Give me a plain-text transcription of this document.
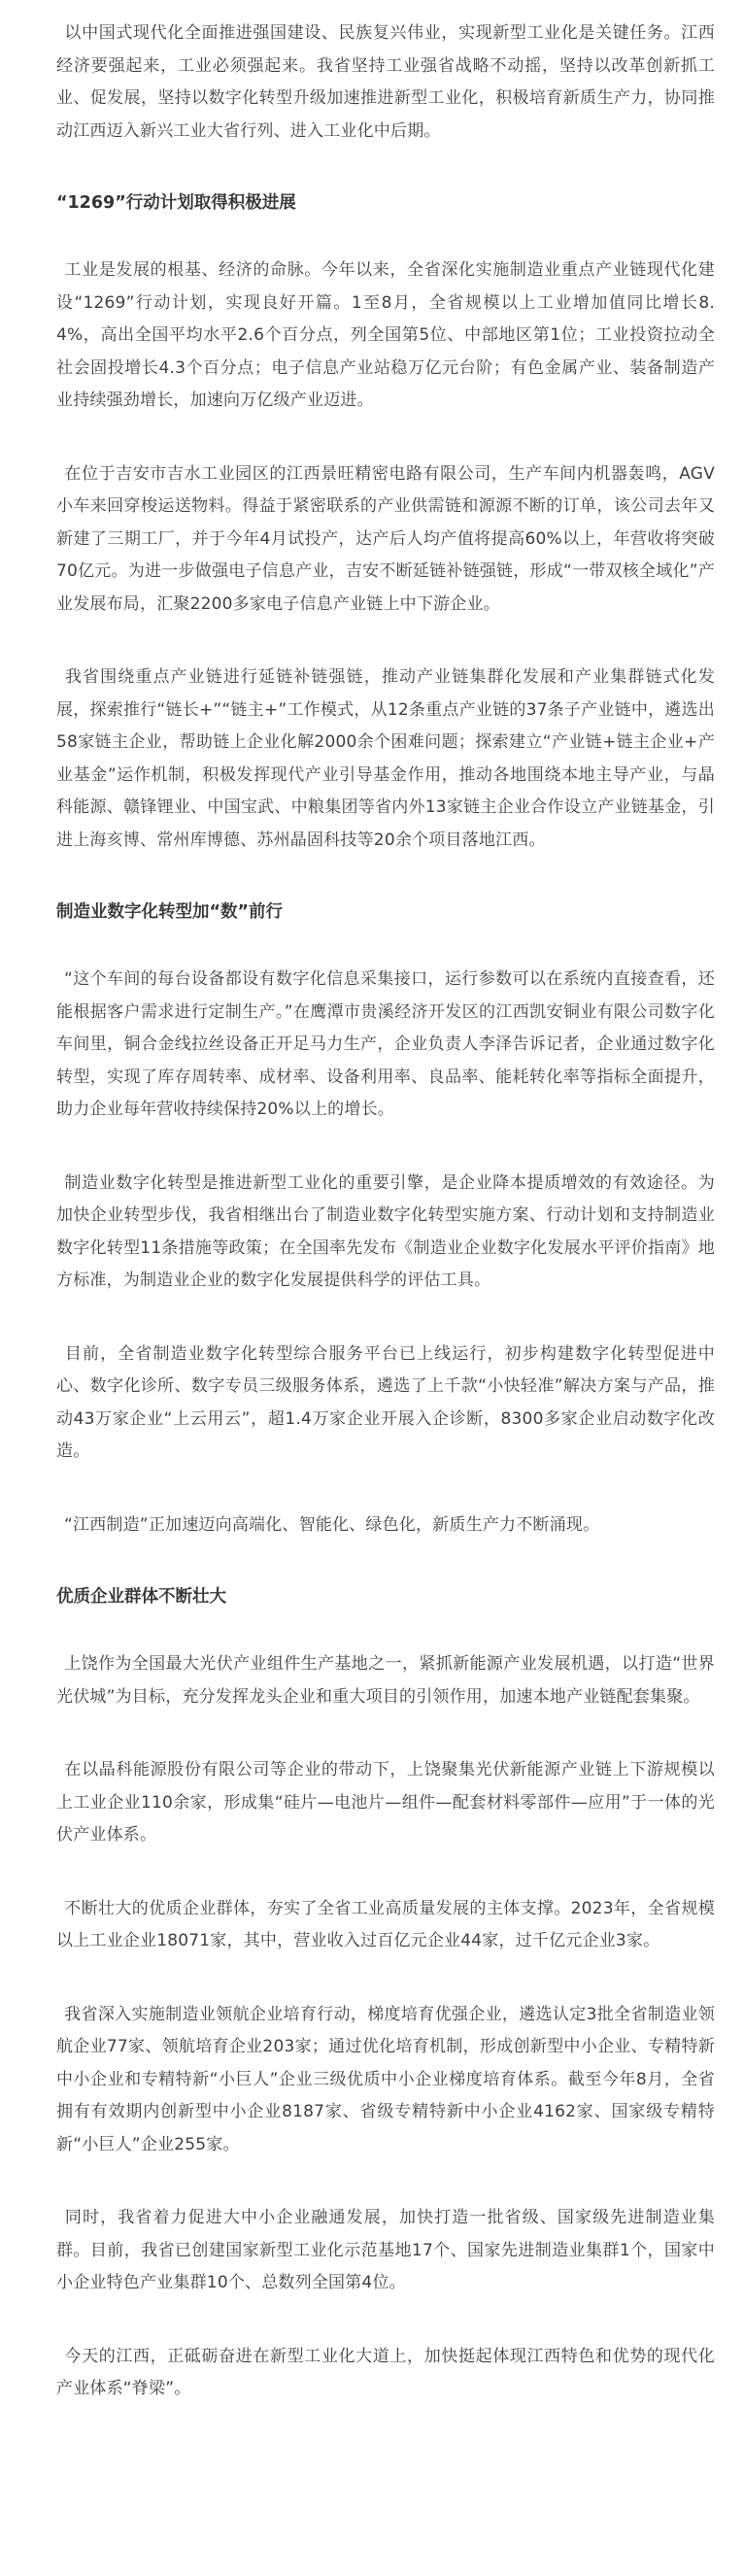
以中国式现代化全面推进强国建设、民族复兴伟业，实现新型工业化是关键任务。江西经济要强起来，工业必须强起来。我省坚持工业强省战略不动摇，坚持以改革创新抓工业、促发展，坚持以数字化转型升级加速推进新型工业化，积极培育新质生产力，协同推动江西迈入新兴工业大省行列、进入工业化中后期。

“1269”行动计划取得积极进展

工业是发展的根基、经济的命脉。今年以来，全省深化实施制造业重点产业链现代化建设“1269”行动计划，实现良好开篇。1至8月，全省规模以上工业增加值同比增长8.4%，高出全国平均水平2.6个百分点，列全国第5位、中部地区第1位；工业投资拉动全社会固投增长4.3个百分点；电子信息产业站稳万亿元台阶；有色金属产业、装备制造产业持续强劲增长，加速向万亿级产业迈进。

在位于吉安市吉水工业园区的江西景旺精密电路有限公司，生产车间内机器轰鸣，AGV小车来回穿梭运送物料。得益于紧密联系的产业供需链和源源不断的订单，该公司去年又新建了三期工厂，并于今年4月试投产，达产后人均产值将提高60%以上，年营收将突破70亿元。为进一步做强电子信息产业，吉安不断延链补链强链，形成“一带双核全域化”产业发展布局，汇聚2200多家电子信息产业链上中下游企业。

我省围绕重点产业链进行延链补链强链，推动产业链集群化发展和产业集群链式化发展，探索推行“链长+”“链主+”工作模式，从12条重点产业链的37条子产业链中，遴选出58家链主企业，帮助链上企业化解2000余个困难问题；探索建立“产业链+链主企业+产业基金”运作机制，积极发挥现代产业引导基金作用，推动各地围绕本地主导产业，与晶科能源、赣锋锂业、中国宝武、中粮集团等省内外13家链主企业合作设立产业链基金，引进上海亥博、常州库博德、苏州晶固科技等20余个项目落地江西。

制造业数字化转型加“数”前行

“这个车间的每台设备都设有数字化信息采集接口，运行参数可以在系统内直接查看，还能根据客户需求进行定制生产。”在鹰潭市贵溪经济开发区的江西凯安铜业有限公司数字化车间里，铜合金线拉丝设备正开足马力生产，企业负责人李泽告诉记者，企业通过数字化转型，实现了库存周转率、成材率、设备利用率、良品率、能耗转化率等指标全面提升，助力企业每年营收持续保持20%以上的增长。

制造业数字化转型是推进新型工业化的重要引擎，是企业降本提质增效的有效途径。为加快企业转型步伐，我省相继出台了制造业数字化转型实施方案、行动计划和支持制造业数字化转型11条措施等政策；在全国率先发布《制造业企业数字化发展水平评价指南》地方标准，为制造业企业的数字化发展提供科学的评估工具。

目前，全省制造业数字化转型综合服务平台已上线运行，初步构建数字化转型促进中心、数字化诊所、数字专员三级服务体系，遴选了上千款“小快轻准”解决方案与产品，推动43万家企业“上云用云”，超1.4万家企业开展入企诊断，8300多家企业启动数字化改造。

“江西制造”正加速迈向高端化、智能化、绿色化，新质生产力不断涌现。

优质企业群体不断壮大

上饶作为全国最大光伏产业组件生产基地之一，紧抓新能源产业发展机遇，以打造“世界光伏城”为目标，充分发挥龙头企业和重大项目的引领作用，加速本地产业链配套集聚。

在以晶科能源股份有限公司等企业的带动下，上饶聚集光伏新能源产业链上下游规模以上工业企业110余家，形成集“硅片—电池片—组件—配套材料零部件—应用”于一体的光伏产业体系。

不断壮大的优质企业群体，夯实了全省工业高质量发展的主体支撑。2023年，全省规模以上工业企业18071家，其中，营业收入过百亿元企业44家，过千亿元企业3家。

我省深入实施制造业领航企业培育行动，梯度培育优强企业，遴选认定3批全省制造业领航企业77家、领航培育企业203家；通过优化培育机制，形成创新型中小企业、专精特新中小企业和专精特新“小巨人”企业三级优质中小企业梯度培育体系。截至今年8月，全省拥有有效期内创新型中小企业8187家、省级专精特新中小企业4162家、国家级专精特新“小巨人”企业255家。

同时，我省着力促进大中小企业融通发展，加快打造一批省级、国家级先进制造业集群。目前，我省已创建国家新型工业化示范基地17个、国家先进制造业集群1个，国家中小企业特色产业集群10个、总数列全国第4位。

今天的江西，正砥砺奋进在新型工业化大道上，加快挺起体现江西特色和优势的现代化产业体系“脊梁”。
